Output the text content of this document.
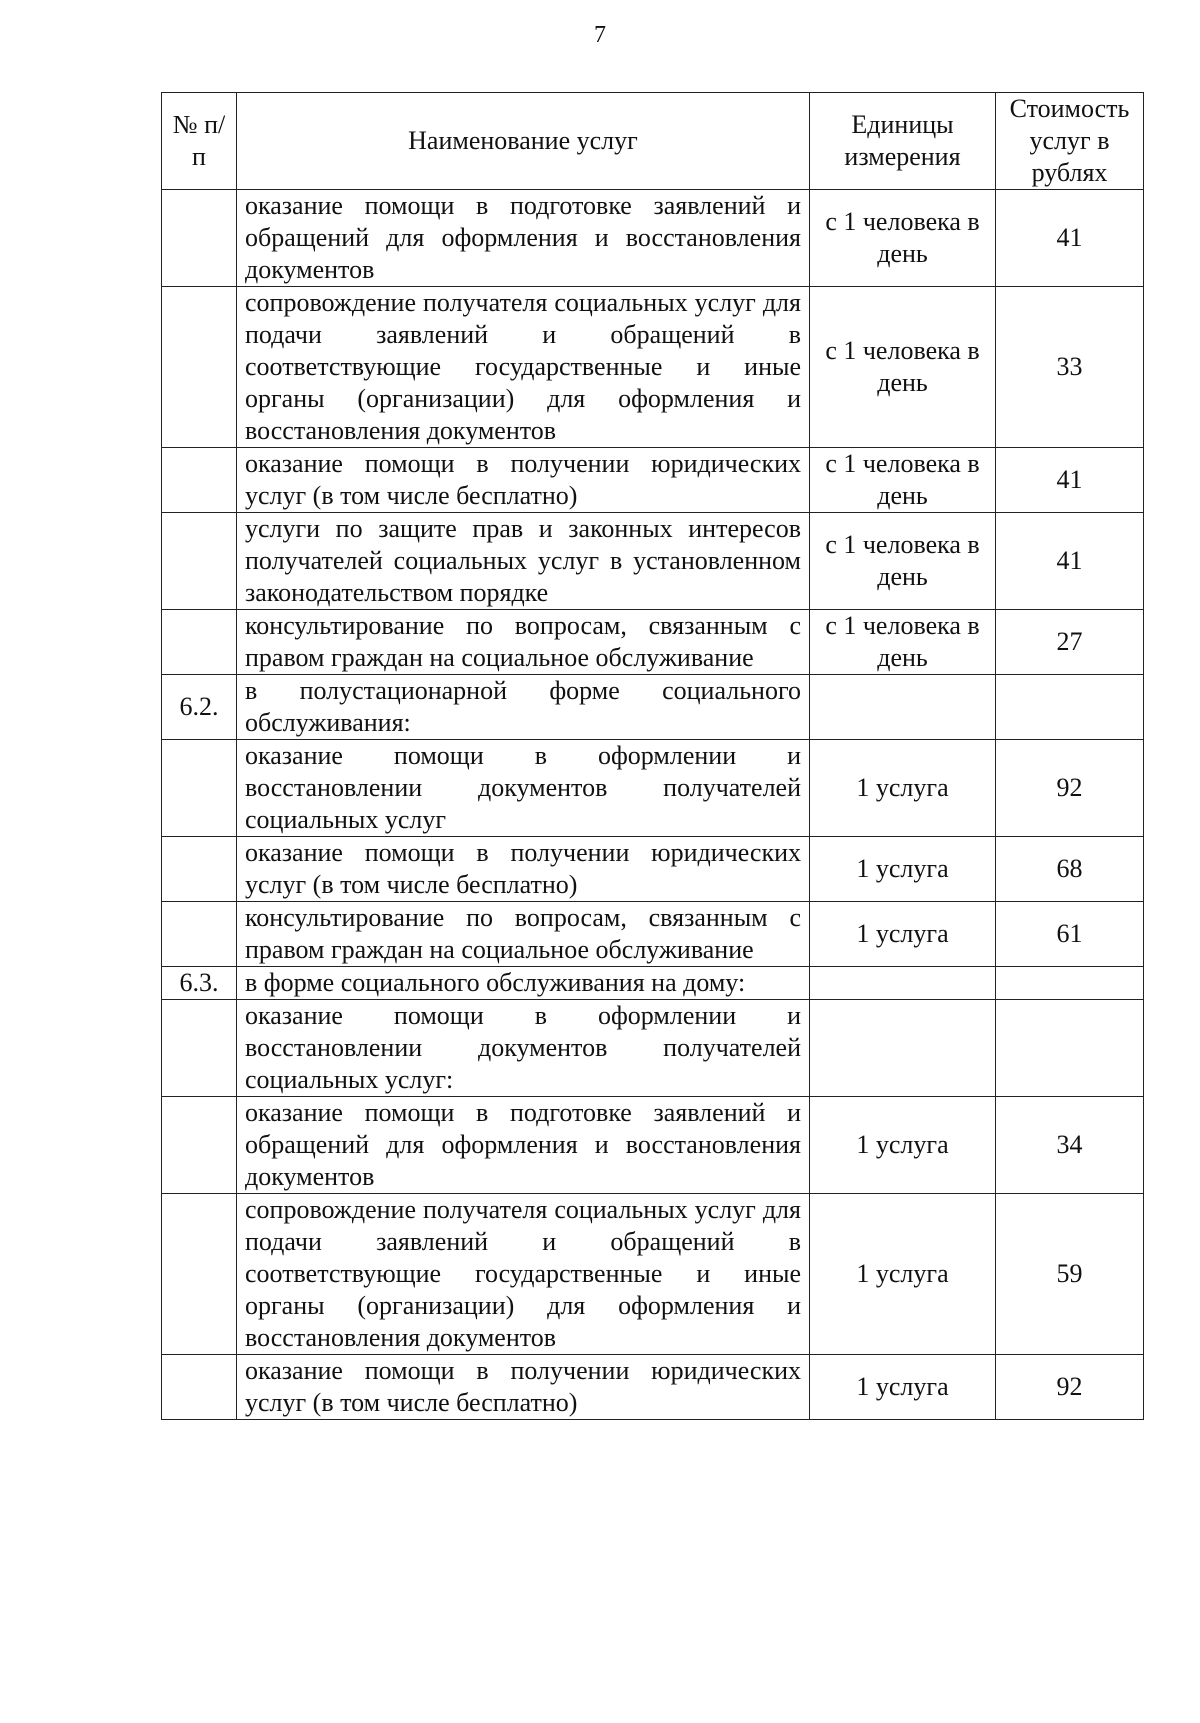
7
№ п/п	Наименование услуг	Единицы измерения	Стоимость услуг в рублях
	оказание помощи в подготовке заявлений и обращений для оформления и восстановления документов	с 1 человека в день	41
	сопровождение получателя социальных услуг для подачи заявлений и обращений в соответствующие государственные и иные органы (организации) для оформления и восстановления документов	с 1 человека в день	33
	оказание помощи в получении юридических услуг (в том числе бесплатно)	с 1 человека в день	41
	услуги по защите прав и законных интересов получателей социальных услуг в установленном законодательством порядке	с 1 человека в день	41
	консультирование по вопросам, связанным с правом граждан на социальное обслуживание	с 1 человека в день	27
6.2.	в полустационарной форме социального обслуживания:		
	оказание помощи в оформлении и восстановлении документов получателей социальных услуг	1 услуга	92
	оказание помощи в получении юридических услуг (в том числе бесплатно)	1 услуга	68
	консультирование по вопросам, связанным с правом граждан на социальное обслуживание	1 услуга	61
6.3.	в форме социального обслуживания на дому:		
	оказание помощи в оформлении и восстановлении документов получателей социальных услуг:		
	оказание помощи в подготовке заявлений и обращений для оформления и восстановления документов	1 услуга	34
	сопровождение получателя социальных услуг для подачи заявлений и обращений в соответствующие государственные и иные органы (организации) для оформления и восстановления документов	1 услуга	59
	оказание помощи в получении юридических услуг (в том числе бесплатно)	1 услуга	92
